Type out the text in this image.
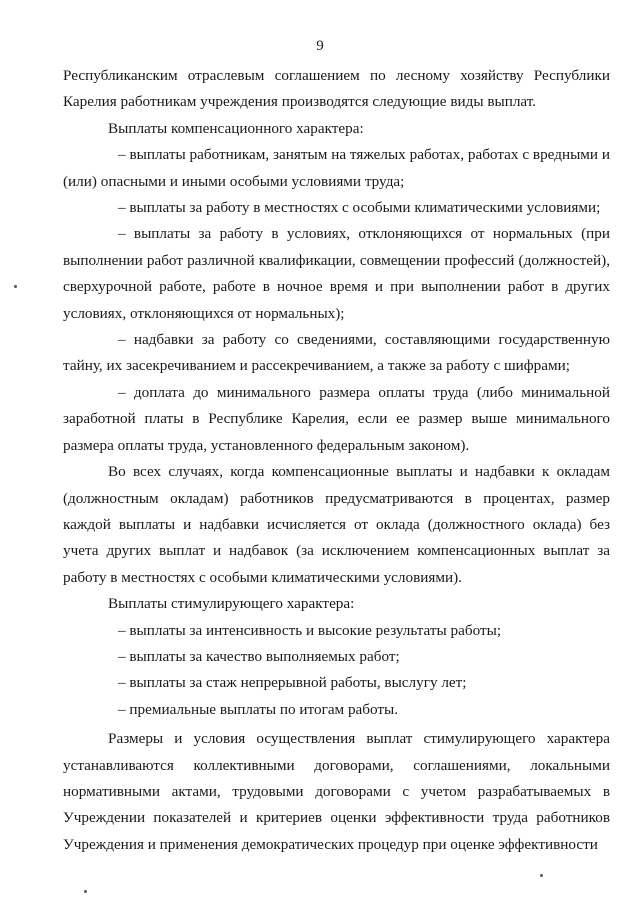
9

Республиканским отраслевым соглашением по лесному хозяйству Республики Карелия работникам учреждения производятся следующие виды выплат.

Выплаты компенсационного характера:

– выплаты работникам, занятым на тяжелых работах, работах с вредными и (или) опасными и иными особыми условиями труда;

– выплаты за работу в местностях с особыми климатическими условиями;

– выплаты за работу в условиях, отклоняющихся от нормальных (при выполнении работ различной квалификации, совмещении профессий (должностей), сверхурочной работе, работе в ночное время и при выполнении работ в других условиях, отклоняющихся от нормальных);

– надбавки за работу со сведениями, составляющими государственную тайну, их засекречиванием и рассекречиванием, а также за работу с шифрами;

– доплата до минимального размера оплаты труда (либо минимальной заработной платы в Республике Карелия, если ее размер выше минимального размера оплаты труда, установленного федеральным законом).

Во всех случаях, когда компенсационные выплаты и надбавки к окладам (должностным окладам) работников предусматриваются в процентах, размер каждой выплаты и надбавки исчисляется от оклада (должностного оклада) без учета других выплат и надбавок (за исключением компенсационных выплат за работу в местностях с особыми климатическими условиями).

Выплаты стимулирующего характера:

– выплаты за интенсивность и высокие результаты работы;

– выплаты за качество выполняемых работ;

– выплаты за стаж непрерывной работы, выслугу лет;

– премиальные выплаты по итогам работы.

Размеры и условия осуществления выплат стимулирующего характера устанавливаются коллективными договорами, соглашениями, локальными нормативными актами, трудовыми договорами с учетом разрабатываемых в Учреждении показателей и критериев оценки эффективности труда работников Учреждения и применения демократических процедур при оценке эффективности
